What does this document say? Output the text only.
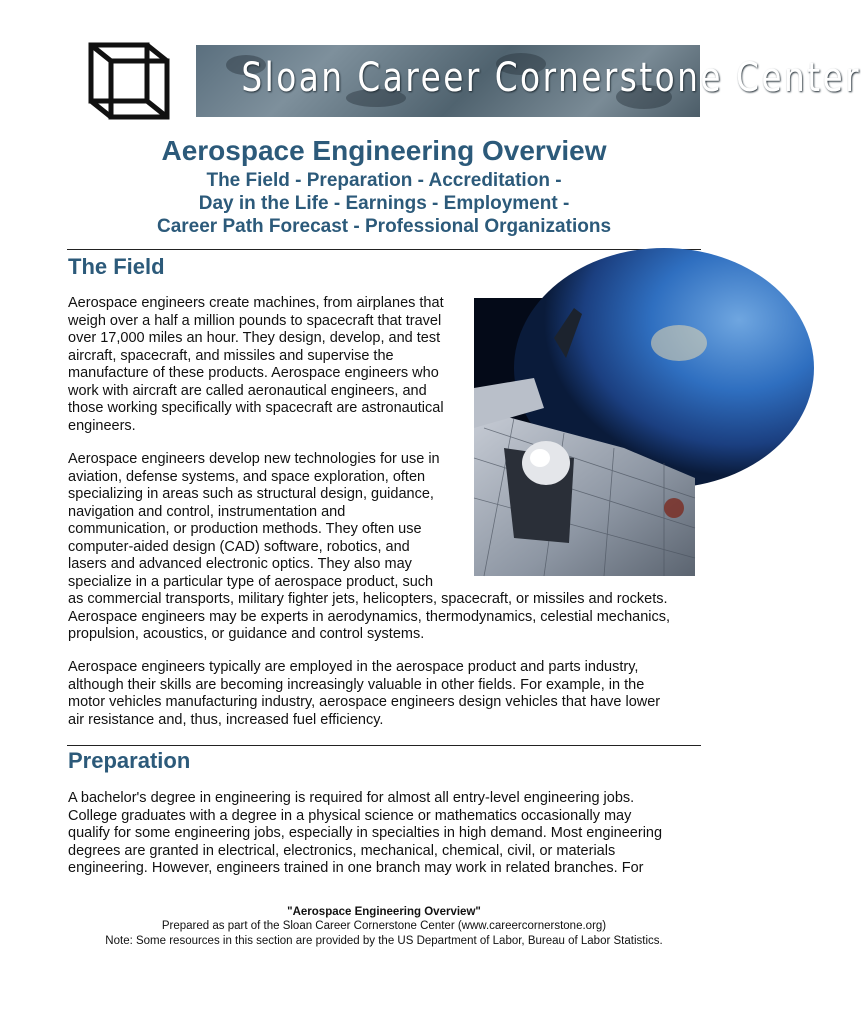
Sloan Career Cornerstone Center
Aerospace Engineering Overview
The Field - Preparation - Accreditation -
Day in the Life - Earnings - Employment -
Career Path Forecast - Professional Organizations
The Field
Aerospace engineers create machines, from airplanes that
weigh over a half a million pounds to spacecraft that travel
over 17,000 miles an hour. They design, develop, and test
aircraft, spacecraft, and missiles and supervise the
manufacture of these products. Aerospace engineers who
work with aircraft are called aeronautical engineers, and
those working specifically with spacecraft are astronautical
engineers.
Aerospace engineers develop new technologies for use in
aviation, defense systems, and space exploration, often
specializing in areas such as structural design, guidance,
navigation and control, instrumentation and
communication, or production methods. They often use
computer-aided design (CAD) software, robotics, and
lasers and advanced electronic optics. They also may
specialize in a particular type of aerospace product, such
as commercial transports, military fighter jets, helicopters, spacecraft, or missiles and rockets.
Aerospace engineers may be experts in aerodynamics, thermodynamics, celestial mechanics,
propulsion, acoustics, or guidance and control systems.
Aerospace engineers typically are employed in the aerospace product and parts industry,
although their skills are becoming increasingly valuable in other fields. For example, in the
motor vehicles manufacturing industry, aerospace engineers design vehicles that have lower
air resistance and, thus, increased fuel efficiency.
Preparation
A bachelor's degree in engineering is required for almost all entry-level engineering jobs.
College graduates with a degree in a physical science or mathematics occasionally may
qualify for some engineering jobs, especially in specialties in high demand. Most engineering
degrees are granted in electrical, electronics, mechanical, chemical, civil, or materials
engineering. However, engineers trained in one branch may work in related branches. For
"Aerospace Engineering Overview"
Prepared as part of the Sloan Career Cornerstone Center (www.careercornerstone.org)
Note: Some resources in this section are provided by the US Department of Labor, Bureau of Labor Statistics.
